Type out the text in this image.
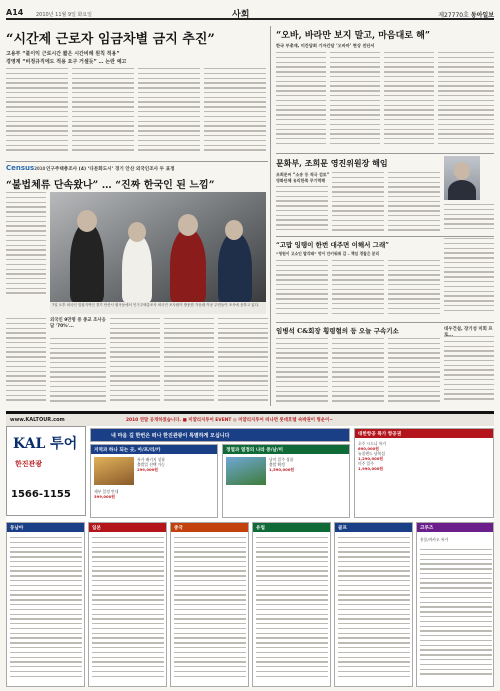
A14	2010년 11월 9일 화요일	사회	제27770호 동아일보
“시간제 근로자 임금차별 금지 추진”
고용부 “불이익 근로시간 짧은 시간비례 원칙 적용”
경영계 “비정규직에도 적용 요구 거셀듯” … 논란 예고
“오바, 바라만 보지 말고, 마음대로 해”
한국 부총재, 미간담회 기자간담 ‘오바마’ 현상 진단서
문화부, 조희문 영진위원장 해임
조희문씨 “소송 등 적극 검토”
영화단체 유리한쪽 무기력해
Census2010 인구주택총조사 (4) ‘다문화도시’ 경기 안산 외국인조사 두 표정
“불법체류 단속왔나” … “진짜 한국인 된 느낌”
7일 오후 외국인 밀집지역인 경기 안산시 원곡동에서 인구주택총조사 외국인 조사원이 방문한 가운데 이곳 주민들이 조사에 응하고 있다.
외국인 9만명 중 종교 조사응답 '70%'...
“고맙 잉탱이 한번 대주면 이해서 그래”
“청원이 고소인 발각돼” 멍이 안키워줘 갑 – 책임 경찰은 분리
임병석 C&회장 횡령혐의 등 오늘 구속기소	대우건설, 장기성 미회 프
www.KALTOUR.com	2010 연말 공개하였습니다. ■ 미얄리지투어 EVENT ◎ 미얄리지투어 떠나면 롯데호텔 숙박권이 형운이~
KAL 투어
한진관광
1566-1155
내 마음 길 한번은 떠나 한진관광이 특별하게 모십니다
지역과 하나 되는 곳, 아/프/리/카
특가 패키지 상품
출발일 선택 가능
299,000원
세부 일정 안내
399,000원
정열과 열정의 나라 중/남/미
남미 일주 상품
출발 확정
1,590,000원
대한항공 특가 항공권
호주 시드니 특가
690,000원
뉴질랜드 남북섬
1,290,000원
미주 일주
1,990,000원
동남아	일본	중국	유럽	골프	크루즈
홍콩/마카오 특가
